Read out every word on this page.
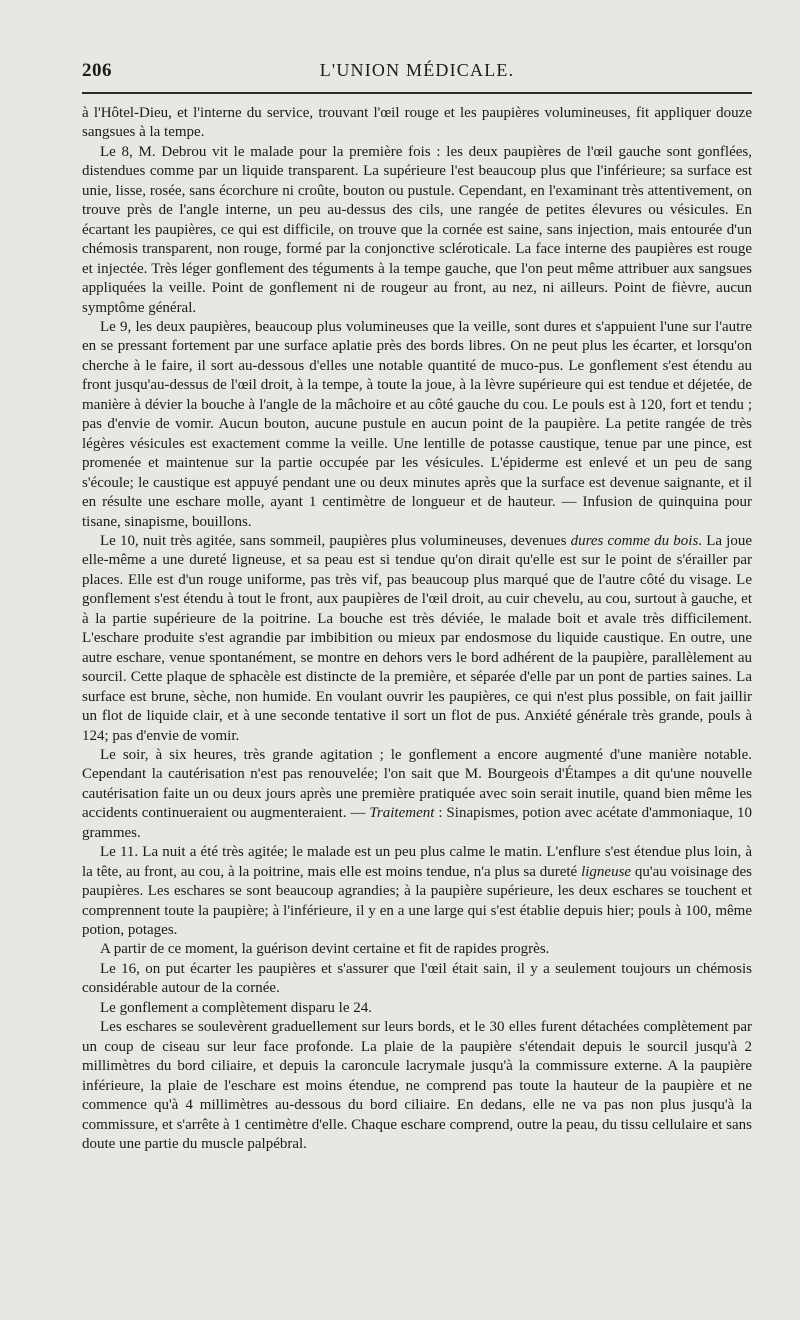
206	L'UNION MÉDICALE.

à l'Hôtel-Dieu, et l'interne du service, trouvant l'œil rouge et les paupières volumineuses, fit appliquer douze sangsues à la tempe.

Le 8, M. Debrou vit le malade pour la première fois : les deux paupières de l'œil gauche sont gonflées, distendues comme par un liquide transparent. La supérieure l'est beaucoup plus que l'inférieure; sa surface est unie, lisse, rosée, sans écorchure ni croûte, bouton ou pustule. Cependant, en l'examinant très attentivement, on trouve près de l'angle interne, un peu au-dessus des cils, une rangée de petites élevures ou vésicules. En écartant les paupières, ce qui est difficile, on trouve que la cornée est saine, sans injection, mais entourée d'un chémosis transparent, non rouge, formé par la conjonctive scléroticale. La face interne des paupières est rouge et injectée. Très léger gonflement des téguments à la tempe gauche, que l'on peut même attribuer aux sangsues appliquées la veille. Point de gonflement ni de rougeur au front, au nez, ni ailleurs. Point de fièvre, aucun symptôme général.

Le 9, les deux paupières, beaucoup plus volumineuses que la veille, sont dures et s'appuient l'une sur l'autre en se pressant fortement par une surface aplatie près des bords libres. On ne peut plus les écarter, et lorsqu'on cherche à le faire, il sort au-dessous d'elles une notable quantité de muco-pus. Le gonflement s'est étendu au front jusqu'au-dessus de l'œil droit, à la tempe, à toute la joue, à la lèvre supérieure qui est tendue et déjetée, de manière à dévier la bouche à l'angle de la mâchoire et au côté gauche du cou. Le pouls est à 120, fort et tendu ; pas d'envie de vomir. Aucun bouton, aucune pustule en aucun point de la paupière. La petite rangée de très légères vésicules est exactement comme la veille. Une lentille de potasse caustique, tenue par une pince, est promenée et maintenue sur la partie occupée par les vésicules. L'épiderme est enlevé et un peu de sang s'écoule; le caustique est appuyé pendant une ou deux minutes après que la surface est devenue saignante, et il en résulte une eschare molle, ayant 1 centimètre de longueur et de hauteur. — Infusion de quinquina pour tisane, sinapisme, bouillons.

Le 10, nuit très agitée, sans sommeil, paupières plus volumineuses, devenues dures comme du bois. La joue elle-même a une dureté ligneuse, et sa peau est si tendue qu'on dirait qu'elle est sur le point de s'érailler par places. Elle est d'un rouge uniforme, pas très vif, pas beaucoup plus marqué que de l'autre côté du visage. Le gonflement s'est étendu à tout le front, aux paupières de l'œil droit, au cuir chevelu, au cou, surtout à gauche, et à la partie supérieure de la poitrine. La bouche est très déviée, le malade boit et avale très difficilement. L'eschare produite s'est agrandie par imbibition ou mieux par endosmose du liquide caustique. En outre, une autre eschare, venue spontanément, se montre en dehors vers le bord adhérent de la paupière, parallèlement au sourcil. Cette plaque de sphacèle est distincte de la première, et séparée d'elle par un pont de parties saines. La surface est brune, sèche, non humide. En voulant ouvrir les paupières, ce qui n'est plus possible, on fait jaillir un flot de liquide clair, et à une seconde tentative il sort un flot de pus. Anxiété générale très grande, pouls à 124; pas d'envie de vomir.

Le soir, à six heures, très grande agitation ; le gonflement a encore augmenté d'une manière notable. Cependant la cautérisation n'est pas renouvelée; l'on sait que M. Bourgeois d'Étampes a dit qu'une nouvelle cautérisation faite un ou deux jours après une première pratiquée avec soin serait inutile, quand bien même les accidents continueraient ou augmenteraient. — Traitement : Sinapismes, potion avec acétate d'ammoniaque, 10 grammes.

Le 11. La nuit a été très agitée; le malade est un peu plus calme le matin. L'enflure s'est étendue plus loin, à la tête, au front, au cou, à la poitrine, mais elle est moins tendue, n'a plus sa dureté ligneuse qu'au voisinage des paupières. Les eschares se sont beaucoup agrandies; à la paupière supérieure, les deux eschares se touchent et comprennent toute la paupière; à l'inférieure, il y en a une large qui s'est établie depuis hier; pouls à 100, même potion, potages.

A partir de ce moment, la guérison devint certaine et fit de rapides progrès.

Le 16, on put écarter les paupières et s'assurer que l'œil était sain, il y a seulement toujours un chémosis considérable autour de la cornée.

Le gonflement a complètement disparu le 24.

Les eschares se soulevèrent graduellement sur leurs bords, et le 30 elles furent détachées complètement par un coup de ciseau sur leur face profonde. La plaie de la paupière s'étendait depuis le sourcil jusqu'à 2 millimètres du bord ciliaire, et depuis la caroncule lacrymale jusqu'à la commissure externe. A la paupière inférieure, la plaie de l'eschare est moins étendue, ne comprend pas toute la hauteur de la paupière et ne commence qu'à 4 millimètres au-dessous du bord ciliaire. En dedans, elle ne va pas non plus jusqu'à la commissure, et s'arrête à 1 centimètre d'elle. Chaque eschare comprend, outre la peau, du tissu cellulaire et sans doute une partie du muscle palpébral.
